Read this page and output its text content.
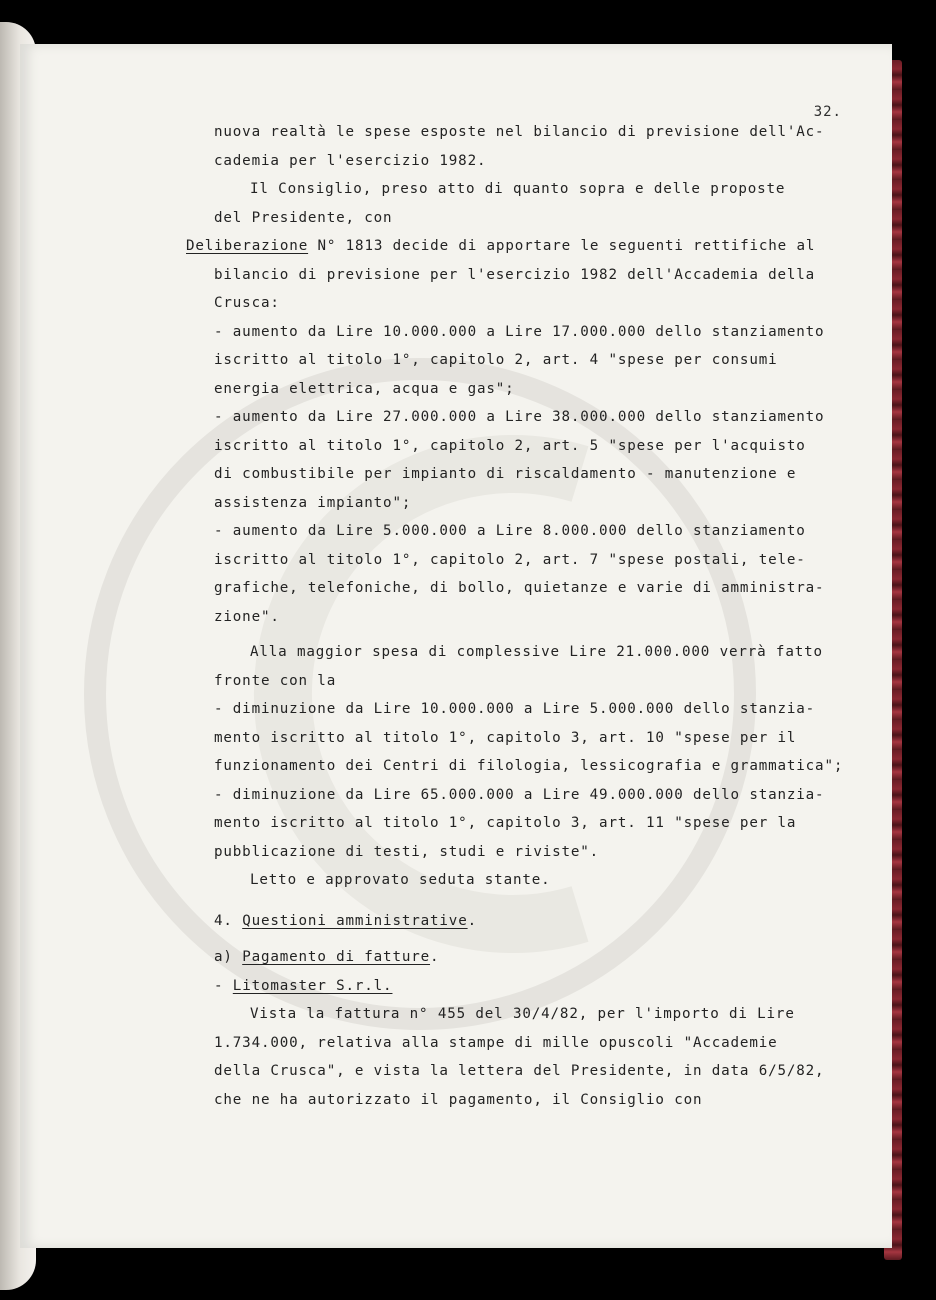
32.
nuova realtà le spese esposte nel bilancio di previsione dell'Ac-
cademia per l'esercizio 1982.
Il Consiglio, preso atto di quanto sopra e delle proposte
del Presidente, con
Deliberazione N° 1813 decide di apportare le seguenti rettifiche al
bilancio di previsione per l'esercizio 1982 dell'Accademia della
Crusca:
- aumento da Lire 10.000.000 a Lire 17.000.000 dello stanziamento
iscritto al titolo 1°, capitolo 2, art. 4 "spese per consumi
energia elettrica, acqua e gas";
- aumento da Lire 27.000.000 a Lire 38.000.000 dello stanziamento
iscritto al titolo 1°, capitolo 2, art. 5 "spese per l'acquisto
di combustibile per impianto di riscaldamento - manutenzione e
assistenza impianto";
- aumento da Lire 5.000.000 a Lire 8.000.000 dello stanziamento
iscritto al titolo 1°, capitolo 2, art. 7 "spese postali, tele-
grafiche, telefoniche, di bollo, quietanze e varie di amministra-
zione".
Alla maggior spesa di complessive Lire 21.000.000 verrà fatto
fronte con la
- diminuzione da Lire 10.000.000 a Lire 5.000.000 dello stanzia-
mento iscritto al titolo 1°, capitolo 3, art. 10 "spese per il
funzionamento dei Centri di filologia, lessicografia e grammatica";
- diminuzione da Lire 65.000.000 a Lire 49.000.000 dello stanzia-
mento iscritto al titolo 1°, capitolo 3, art. 11 "spese per la
pubblicazione di testi, studi e riviste".
Letto e approvato seduta stante.
4. Questioni amministrative.
a) Pagamento di fatture.
- Litomaster S.r.l.
Vista la fattura n° 455 del 30/4/82, per l'importo di Lire
1.734.000, relativa alla stampe di mille opuscoli "Accademie
della Crusca", e vista la lettera del Presidente, in data 6/5/82,
che ne ha autorizzato il pagamento, il Consiglio con
